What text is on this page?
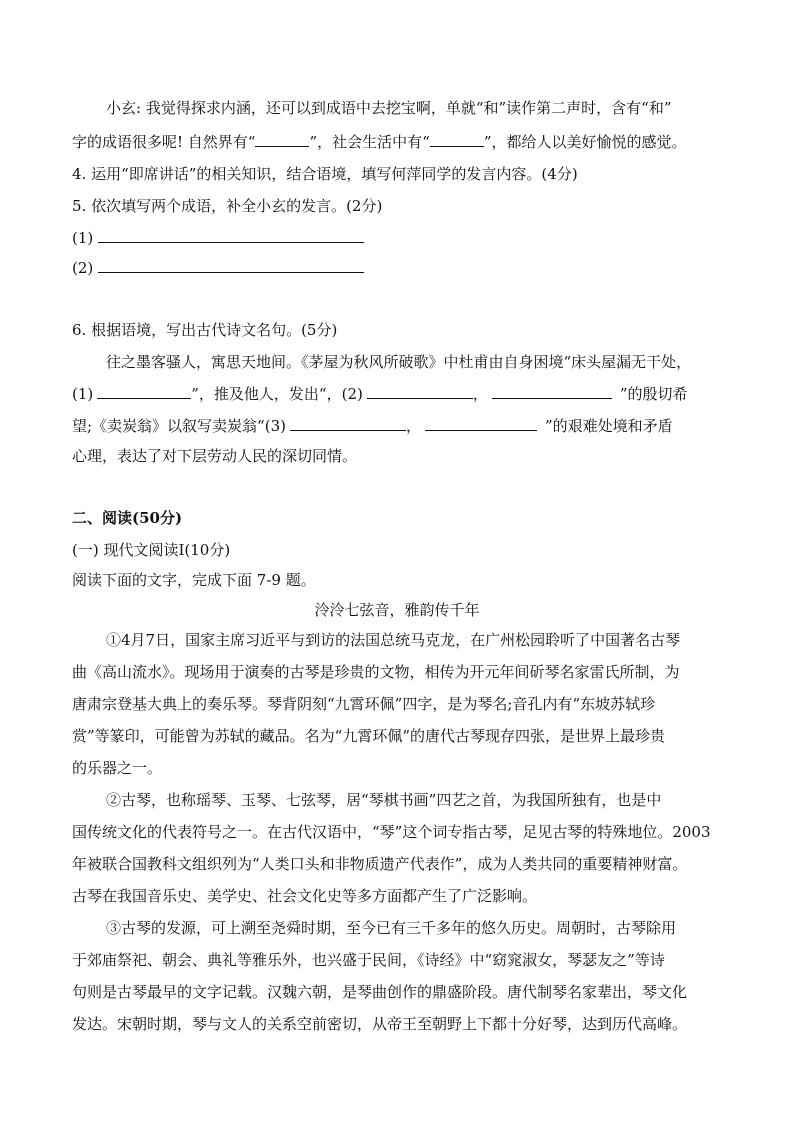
小玄: 我觉得探求内涵，还可以到成语中去挖宝啊，单就“和”读作第二声时，含有“和”
字的成语很多呢! 自然界有“	”，社会生活中有“	”，都给人以美好愉悦的感觉。
4. 运用“即席讲话”的相关知识，结合语境，填写何萍同学的发言内容。(4分)
5. 依次填写两个成语，补全小玄的发言。(2分)
(1)
(2)
6. 根据语境，写出古代诗文名句。(5分)
往之墨客骚人，寓思天地间。《茅屋为秋风所破歌》中杜甫由自身困境“床头屋漏无干处，
(1)	”，推及他人，发出“，(2)	，	”的殷切希
望;《卖炭翁》以叙写卖炭翁“(3)	，	”的艰难处境和矛盾
心理，表达了对下层劳动人民的深切同情。
二、阅读(50分)
(一) 现代文阅读Ⅰ(10分)
阅读下面的文字，完成下面 7-9 题。
泠泠七弦音，雅韵传千年
①4月7日，国家主席习近平与到访的法国总统马克龙，在广州松园聆听了中国著名古琴
曲《高山流水》。现场用于演奏的古琴是珍贵的文物，相传为开元年间斫琴名家雷氏所制，为
唐肃宗登基大典上的奏乐琴。琴背阴刻“九霄环佩”四字，是为琴名;音孔内有“东坡苏轼珍
赏”等篆印，可能曾为苏轼的藏品。名为“九霄环佩”的唐代古琴现存四张，是世界上最珍贵
的乐器之一。
②古琴，也称瑶琴、玉琴、七弦琴，居“琴棋书画”四艺之首，为我国所独有，也是中
国传统文化的代表符号之一。在古代汉语中，“琴”这个词专指古琴，足见古琴的特殊地位。2003
年被联合国教科文组织列为“人类口头和非物质遗产代表作”，成为人类共同的重要精神财富。
古琴在我国音乐史、美学史、社会文化史等多方面都产生了广泛影响。
③古琴的发源，可上溯至尧舜时期，至今已有三千多年的悠久历史。周朝时，古琴除用
于郊庙祭祀、朝会、典礼等雅乐外，也兴盛于民间，《诗经》中“窈窕淑女，琴瑟友之”等诗
句则是古琴最早的文字记载。汉魏六朝，是琴曲创作的鼎盛阶段。唐代制琴名家辈出，琴文化
发达。宋朝时期，琴与文人的关系空前密切，从帝王至朝野上下都十分好琴，达到历代高峰。
